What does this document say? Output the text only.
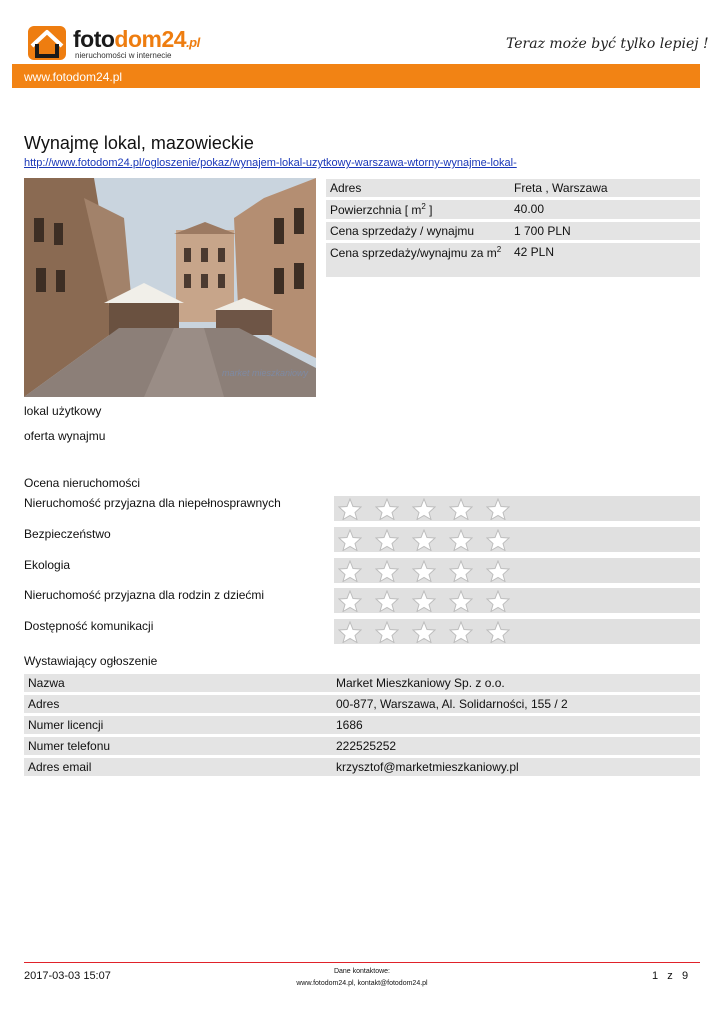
fotodom24.pl
nieruchomości w internecie
Teraz może być tylko lepiej !
www.fotodom24.pl
Wynajmę lokal, mazowieckie
http://www.fotodom24.pl/ogloszenie/pokaz/wynajem-lokal-uzytkowy-warszawa-wtorny-wynajme-lokal-
market mieszkaniowy
Adres	Freta , Warszawa
Powierzchnia [ $m^2$ ]	40.00
Cena sprzedaży / wynajmu	1 700 PLN
Cena sprzedaży/wynajmu za $m^2$	42 PLN
lokal użytkowy
oferta wynajmu
Ocena nieruchomości
Nieruchomość przyjazna dla niepełnosprawnych
Bezpieczeństwo
Ekologia
Nieruchomość przyjazna dla rodzin z dziećmi
Dostępność komunikacji
Wystawiający ogłoszenie
Nazwa	Market Mieszkaniowy Sp. z o.o.
Adres	00-877, Warszawa, Al. Solidarności, 155 / 2
Numer licencji	1686
Numer telefonu	222525252
Adres email	krzysztof@marketmieszkaniowy.pl
2017-03-03 15:07	Dane kontaktowe:
www.fotodom24.pl, kontakt@fotodom24.pl
1 z 9
